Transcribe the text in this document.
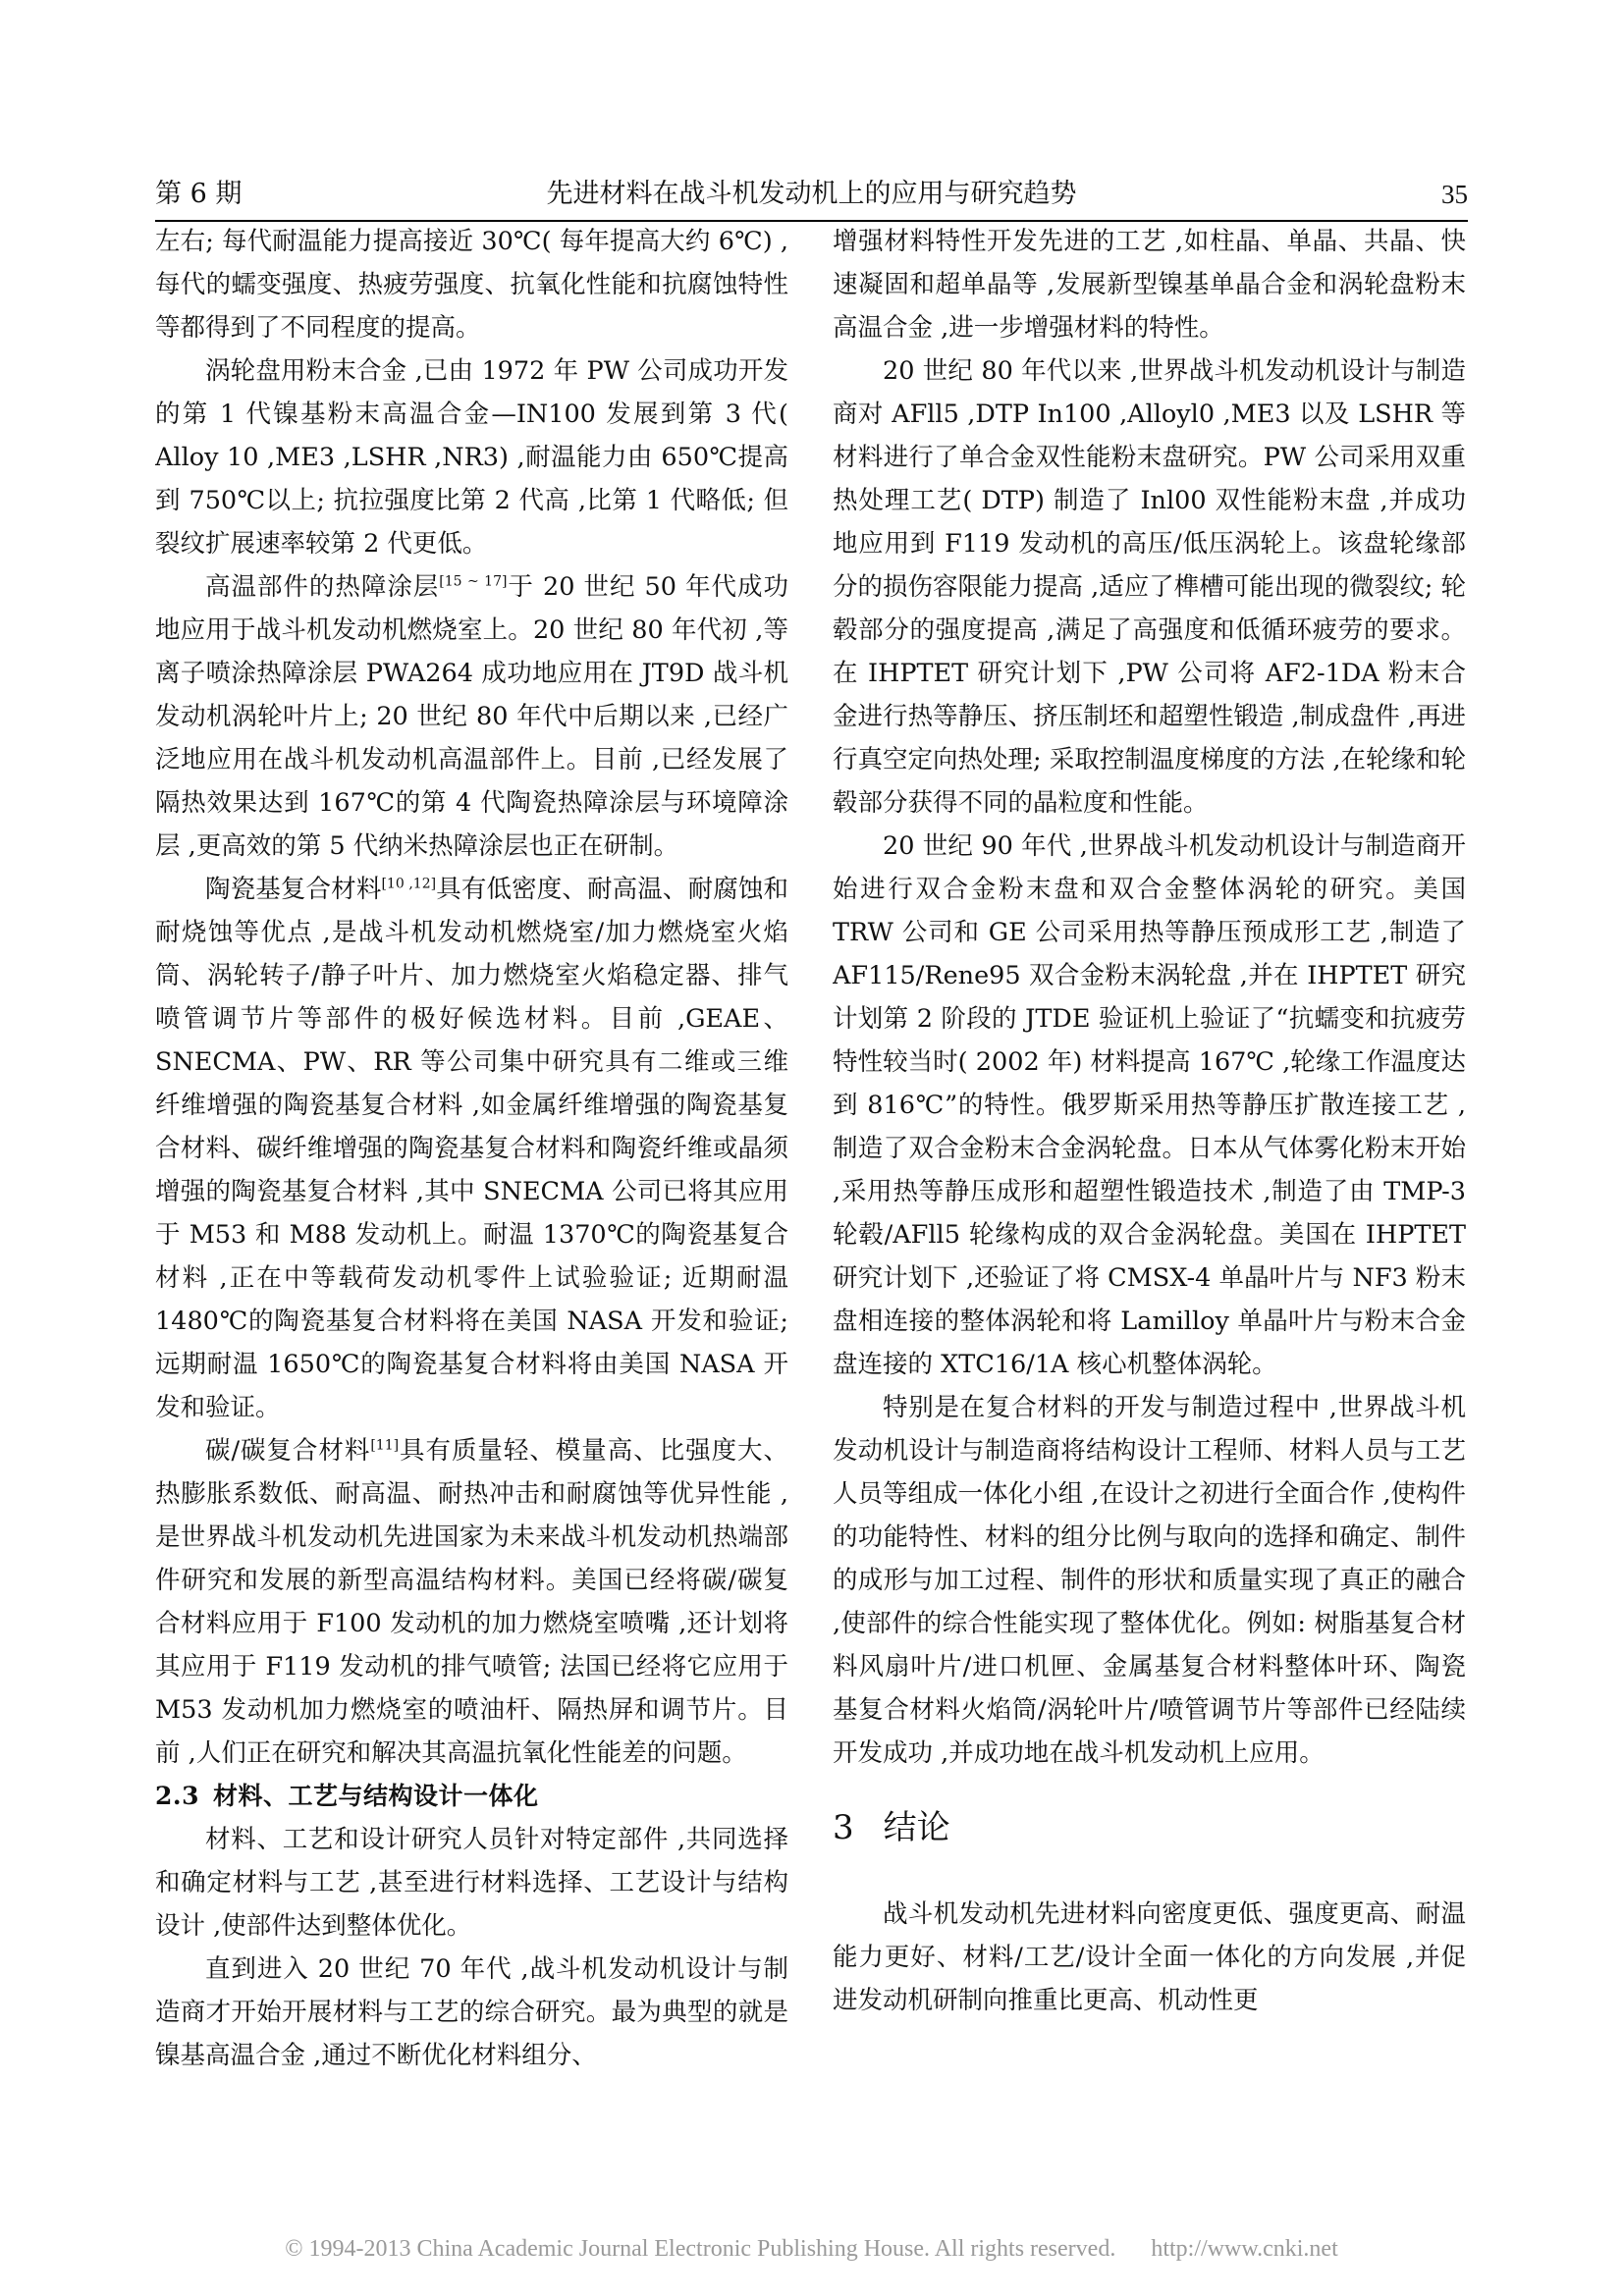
第 6 期	先进材料在战斗机发动机上的应用与研究趋势	35

左右; 每代耐温能力提高接近 30℃( 每年提高大约 6℃) ,每代的蠕变强度、热疲劳强度、抗氧化性能和抗腐蚀特性等都得到了不同程度的提高。

涡轮盘用粉末合金 ,已由 1972 年 PW 公司成功开发的第 1 代镍基粉末高温合金—IN100 发展到第 3 代( Alloy 10 ,ME3 ,LSHR ,NR3) ,耐温能力由 650℃提高到 750℃以上; 抗拉强度比第 2 代高 ,比第 1 代略低; 但裂纹扩展速率较第 2 代更低。

高温部件的热障涂层[15 ~ 17]于 20 世纪 50 年代成功地应用于战斗机发动机燃烧室上。20 世纪 80 年代初 ,等离子喷涂热障涂层 PWA264 成功地应用在 JT9D 战斗机发动机涡轮叶片上; 20 世纪 80 年代中后期以来 ,已经广泛地应用在战斗机发动机高温部件上。目前 ,已经发展了隔热效果达到 167℃的第 4 代陶瓷热障涂层与环境障涂层 ,更高效的第 5 代纳米热障涂层也正在研制。

陶瓷基复合材料[10 ,12]具有低密度、耐高温、耐腐蚀和耐烧蚀等优点 ,是战斗机发动机燃烧室/加力燃烧室火焰筒、涡轮转子/静子叶片、加力燃烧室火焰稳定器、排气喷管调节片等部件的极好候选材料。目前 ,GEAE、SNECMA、PW、RR 等公司集中研究具有二维或三维纤维增强的陶瓷基复合材料 ,如金属纤维增强的陶瓷基复合材料、碳纤维增强的陶瓷基复合材料和陶瓷纤维或晶须增强的陶瓷基复合材料 ,其中 SNECMA 公司已将其应用于 M53 和 M88 发动机上。耐温 1370℃的陶瓷基复合材料 ,正在中等载荷发动机零件上试验验证; 近期耐温 1480℃的陶瓷基复合材料将在美国 NASA 开发和验证; 远期耐温 1650℃的陶瓷基复合材料将由美国 NASA 开发和验证。

碳/碳复合材料[11]具有质量轻、模量高、比强度大、热膨胀系数低、耐高温、耐热冲击和耐腐蚀等优异性能 ,是世界战斗机发动机先进国家为未来战斗机发动机热端部件研究和发展的新型高温结构材料。美国已经将碳/碳复合材料应用于 F100 发动机的加力燃烧室喷嘴 ,还计划将其应用于 F119 发动机的排气喷管; 法国已经将它应用于 M53 发动机加力燃烧室的喷油杆、隔热屏和调节片。目前 ,人们正在研究和解决其高温抗氧化性能差的问题。

2.3 材料、工艺与结构设计一体化

材料、工艺和设计研究人员针对特定部件 ,共同选择和确定材料与工艺 ,甚至进行材料选择、工艺设计与结构设计 ,使部件达到整体优化。

直到进入 20 世纪 70 年代 ,战斗机发动机设计与制造商才开始开展材料与工艺的综合研究。最为典型的就是镍基高温合金 ,通过不断优化材料组分、

增强材料特性开发先进的工艺 ,如柱晶、单晶、共晶、快速凝固和超单晶等 ,发展新型镍基单晶合金和涡轮盘粉末高温合金 ,进一步增强材料的特性。

20 世纪 80 年代以来 ,世界战斗机发动机设计与制造商对 AFll5 ,DTP In100 ,Alloyl0 ,ME3 以及 LSHR 等材料进行了单合金双性能粉末盘研究。PW 公司采用双重热处理工艺( DTP) 制造了 Inl00 双性能粉末盘 ,并成功地应用到 F119 发动机的高压/低压涡轮上。该盘轮缘部分的损伤容限能力提高 ,适应了榫槽可能出现的微裂纹; 轮毂部分的强度提高 ,满足了高强度和低循环疲劳的要求。在 IHPTET 研究计划下 ,PW 公司将 AF2-1DA 粉末合金进行热等静压、挤压制坯和超塑性锻造 ,制成盘件 ,再进行真空定向热处理; 采取控制温度梯度的方法 ,在轮缘和轮毂部分获得不同的晶粒度和性能。

20 世纪 90 年代 ,世界战斗机发动机设计与制造商开始进行双合金粉末盘和双合金整体涡轮的研究。美国 TRW 公司和 GE 公司采用热等静压预成形工艺 ,制造了 AF115/Rene95 双合金粉末涡轮盘 ,并在 IHPTET 研究计划第 2 阶段的 JTDE 验证机上验证了“抗蠕变和抗疲劳特性较当时( 2002 年) 材料提高 167℃ ,轮缘工作温度达到 816℃”的特性。俄罗斯采用热等静压扩散连接工艺 ,制造了双合金粉末合金涡轮盘。日本从气体雾化粉末开始 ,采用热等静压成形和超塑性锻造技术 ,制造了由 TMP-3 轮毂/AFll5 轮缘构成的双合金涡轮盘。美国在 IHPTET 研究计划下 ,还验证了将 CMSX-4 单晶叶片与 NF3 粉末盘相连接的整体涡轮和将 Lamilloy 单晶叶片与粉末合金盘连接的 XTC16/1A 核心机整体涡轮。

特别是在复合材料的开发与制造过程中 ,世界战斗机发动机设计与制造商将结构设计工程师、材料人员与工艺人员等组成一体化小组 ,在设计之初进行全面合作 ,使构件的功能特性、材料的组分比例与取向的选择和确定、制件的成形与加工过程、制件的形状和质量实现了真正的融合 ,使部件的综合性能实现了整体优化。例如: 树脂基复合材料风扇叶片/进口机匣、金属基复合材料整体叶环、陶瓷基复合材料火焰筒/涡轮叶片/喷管调节片等部件已经陆续开发成功 ,并成功地在战斗机发动机上应用。

3 结论

战斗机发动机先进材料向密度更低、强度更高、耐温能力更好、材料/工艺/设计全面一体化的方向发展 ,并促进发动机研制向推重比更高、机动性更

© 1994-2013 China Academic Journal Electronic Publishing House. All rights reserved. http://www.cnki.net
